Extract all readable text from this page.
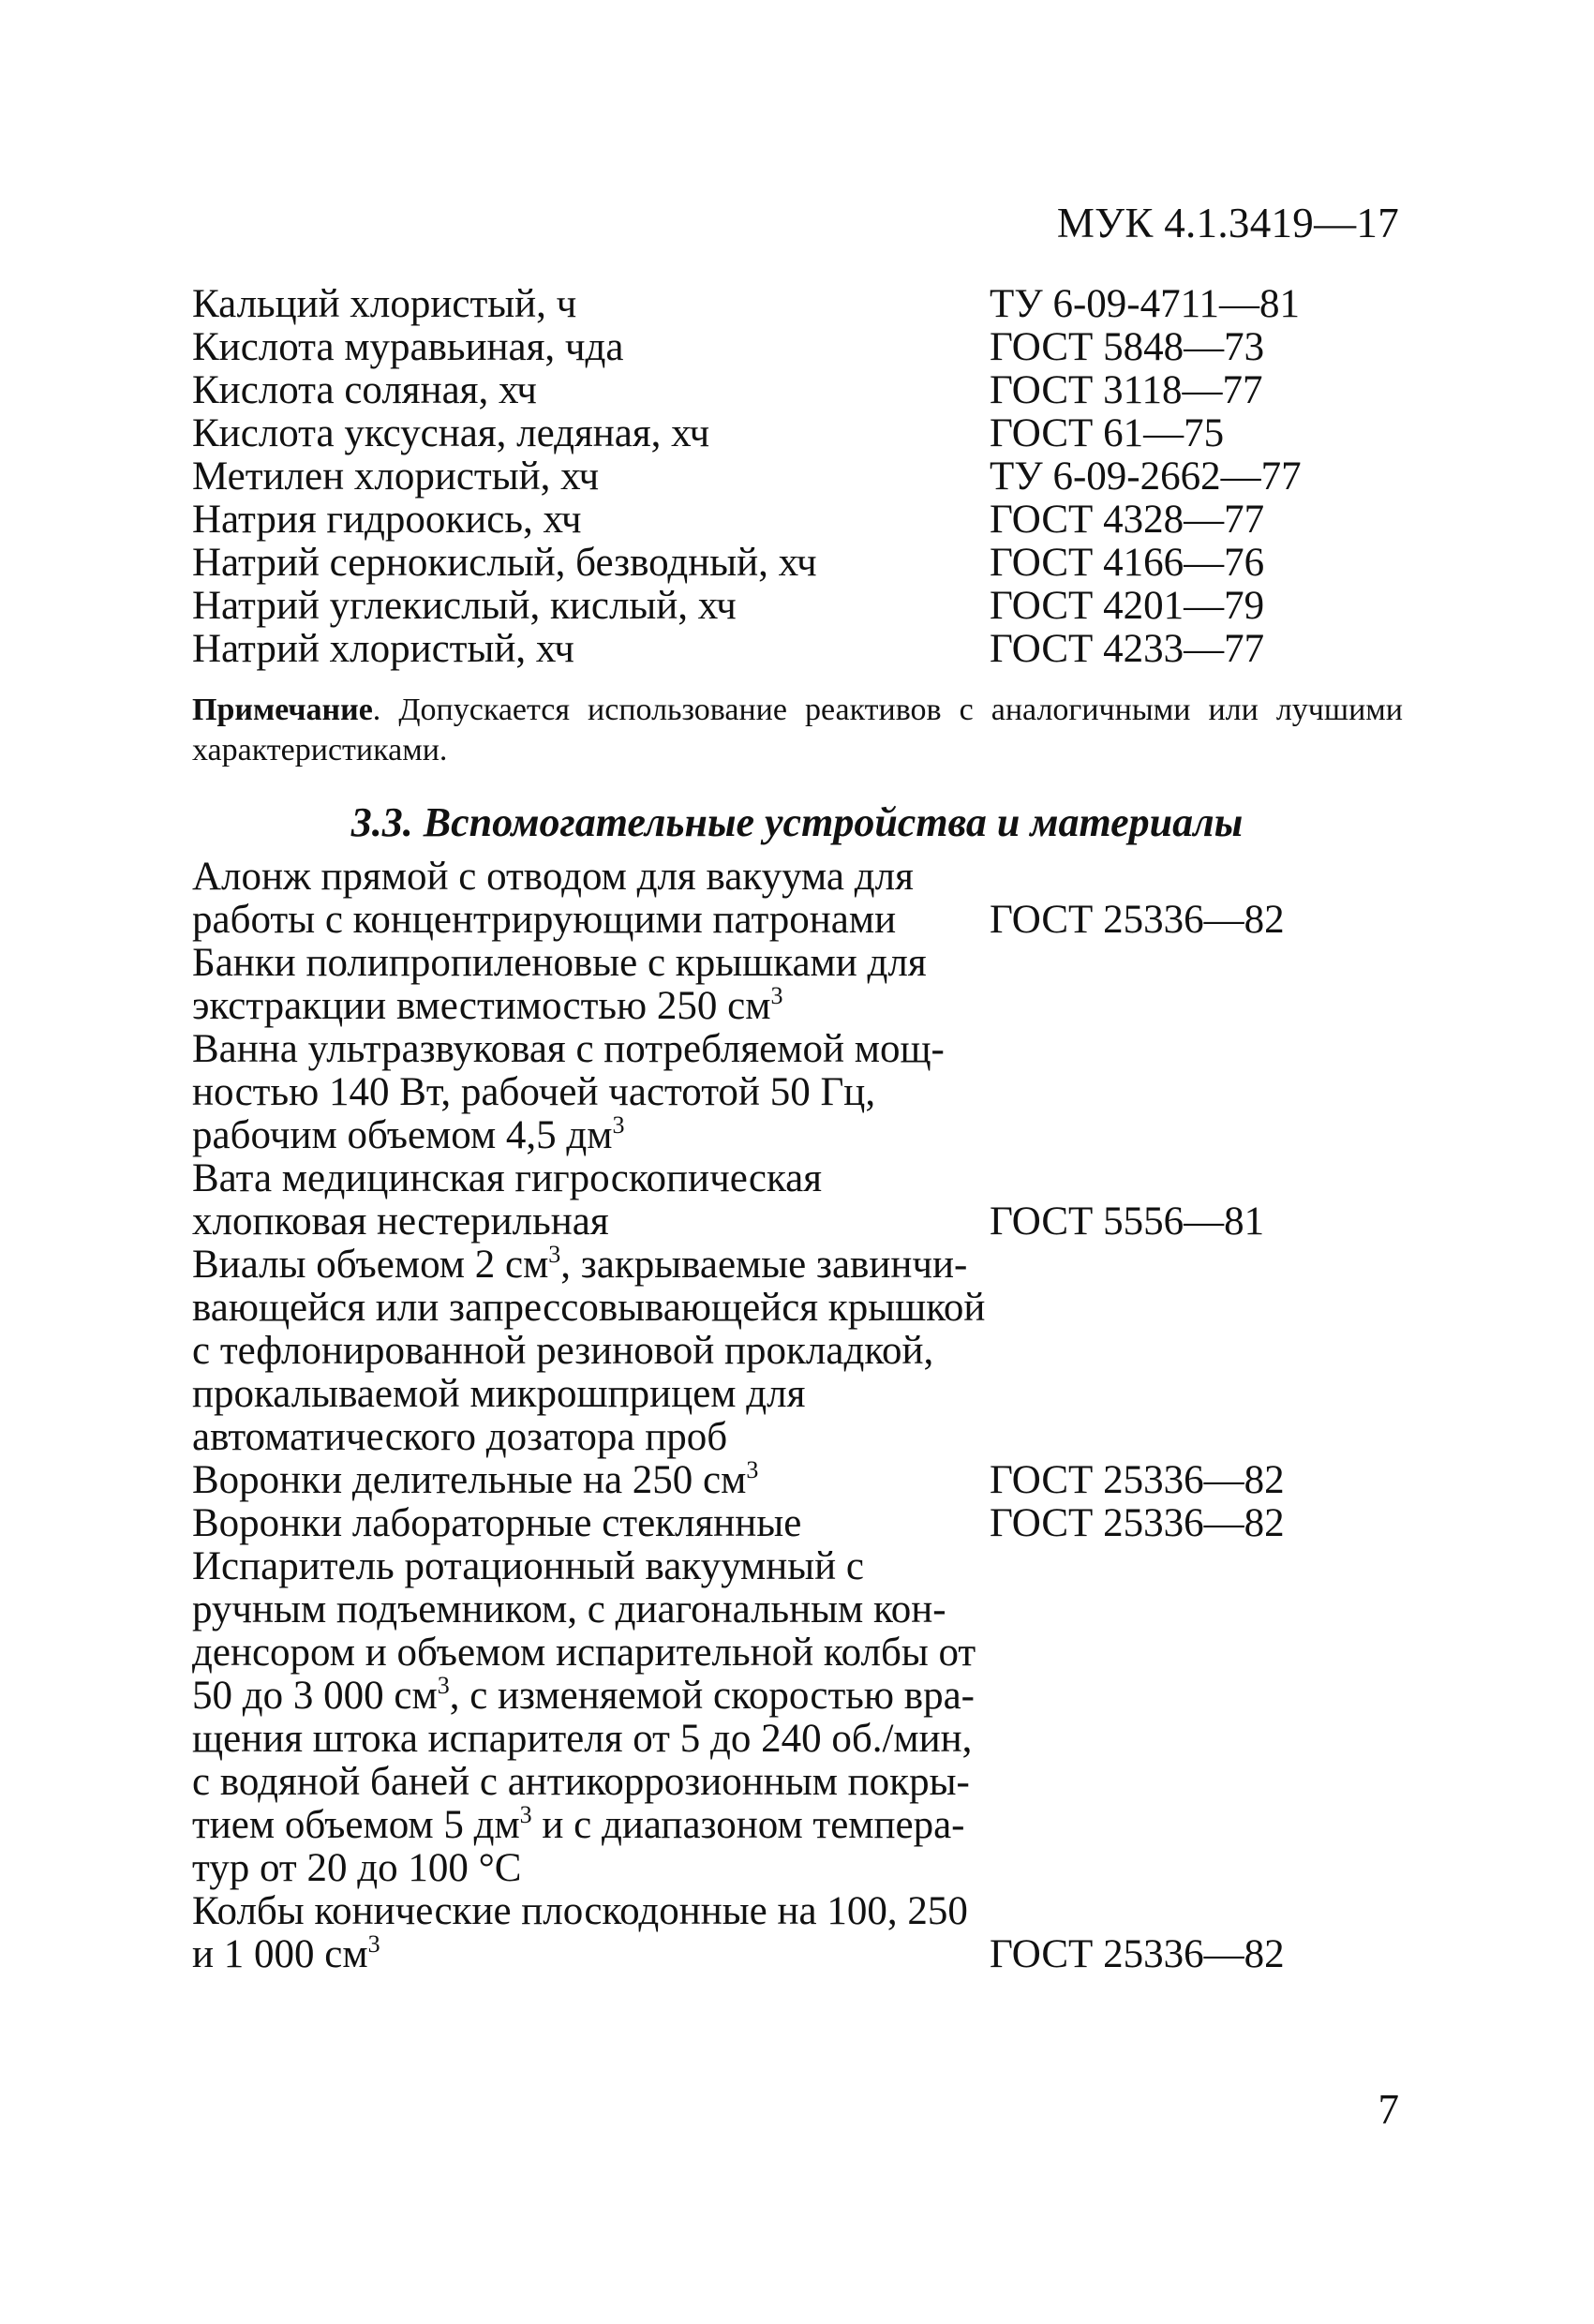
МУК 4.1.3419—17
Кальций хлористый, ч	ТУ 6-09-4711—81
Кислота муравьиная, чда	ГОСТ 5848—73
Кислота соляная, хч	ГОСТ 3118—77
Кислота уксусная, ледяная, хч	ГОСТ 61—75
Метилен хлористый, хч	ТУ 6-09-2662—77
Натрия гидроокись, хч	ГОСТ 4328—77
Натрий сернокислый, безводный, хч	ГОСТ 4166—76
Натрий углекислый, кислый, хч	ГОСТ 4201—79
Натрий хлористый, хч	ГОСТ 4233—77
Примечание. Допускается использование реактивов с аналогичными или лучшими характеристиками.
3.3. Вспомогательные устройства и материалы
Алонж прямой с отводом для вакуума для
работы с концентрирующими патронами	ГОСТ 25336—82
Банки полипропиленовые с крышками для
экстракции вместимостью 250 $см^3$
Ванна ультразвуковая с потребляемой мощ-
ностью 140 Вт, рабочей частотой 50 Гц,
рабочим объемом 4,5 $дм^3$
Вата медицинская гигроскопическая
хлопковая нестерильная	ГОСТ 5556—81
Виалы объемом 2 $см^3$, закрываемые завинчи-
вающейся или запрессовывающейся крышкой
с тефлонированной резиновой прокладкой,
прокалываемой микрошприцем для
автоматического дозатора проб
Воронки делительные на 250 $см^3$	ГОСТ 25336—82
Воронки лабораторные стеклянные	ГОСТ 25336—82
Испаритель ротационный вакуумный с
ручным подъемником, с диагональным кон-
денсором и объемом испарительной колбы от
50 до 3 000 $см^3$, с изменяемой скоростью вра-
щения штока испарителя от 5 до 240 об./мин,
с водяной баней с антикоррозионным покры-
тием объемом 5 $дм^3$ и с диапазоном темпера-
тур от 20 до 100 °С
Колбы конические плоскодонные на 100, 250
и 1 000 $см^3$	ГОСТ 25336—82
7
